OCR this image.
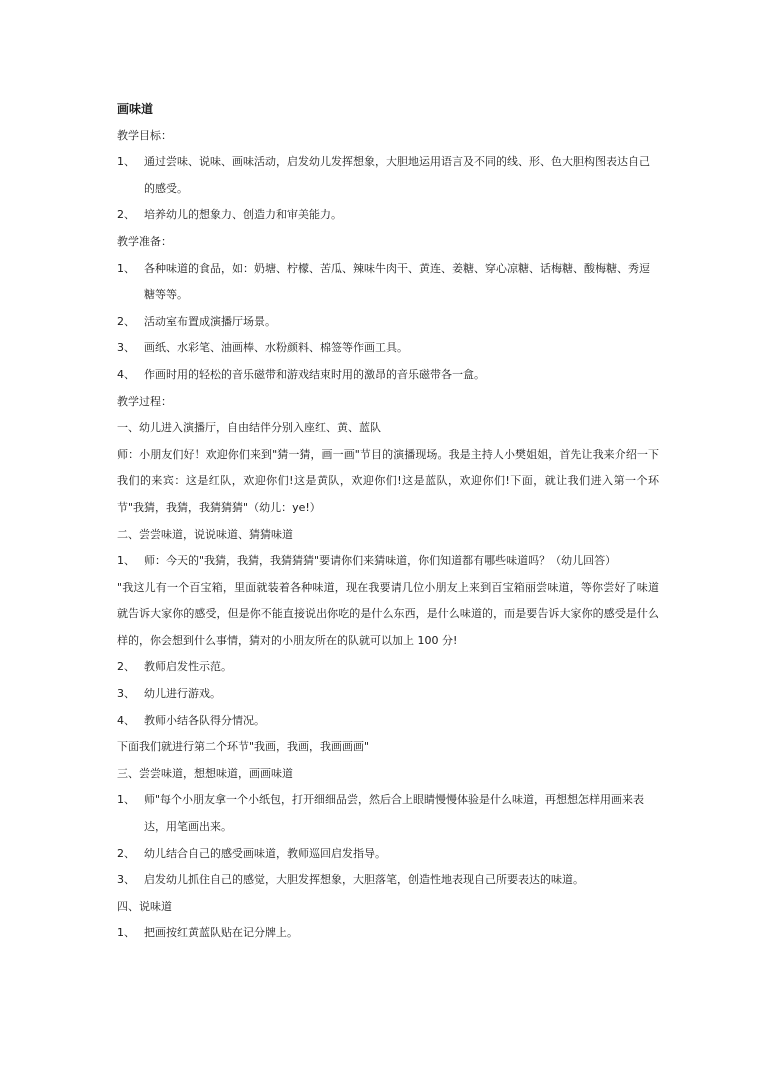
画味道

教学目标：

1、 通过尝味、说味、画味活动，启发幼儿发挥想象，大胆地运用语言及不同的线、形、色大胆构图表达自己的感受。
2、 培养幼儿的想象力、创造力和审美能力。

教学准备：

1、 各种味道的食品，如：奶塘、柠檬、苦瓜、辣味牛肉干、黄连、姜糖、穿心凉糖、话梅糖、酸梅糖、秀逗糖等等。
2、 活动室布置成演播厅场景。
3、 画纸、水彩笔、油画棒、水粉颜料、棉签等作画工具。
4、 作画时用的轻松的音乐磁带和游戏结束时用的激昂的音乐磁带各一盒。

教学过程：

一、幼儿进入演播厅，自由结伴分别入座红、黄、蓝队

师：小朋友们好！欢迎你们来到"猜一猜，画一画"节目的演播现场。我是主持人小樊姐姐，首先让我来介绍一下我们的来宾：这是红队，欢迎你们!这是黄队，欢迎你们!这是蓝队，欢迎你们!下面，就让我们进入第一个环节"我猜，我猜，我猜猜猜"（幼儿：ye!）

二、尝尝味道，说说味道、猜猜味道

1、 师：今天的"我猜，我猜，我猜猜猜"要请你们来猜味道，你们知道都有哪些味道吗？（幼儿回答）

"我这儿有一个百宝箱，里面就装着各种味道，现在我要请几位小朋友上来到百宝箱丽尝味道，等你尝好了味道就告诉大家你的感受，但是你不能直接说出你吃的是什么东西，是什么味道的，而是要告诉大家你的感受是什么样的，你会想到什么事情，猜对的小朋友所在的队就可以加上 100 分!

2、 教师启发性示范。
3、 幼儿进行游戏。
4、 教师小结各队得分情况。

下面我们就进行第二个环节"我画，我画，我画画画"

三、尝尝味道，想想味道，画画味道

1、 师"每个小朋友拿一个小纸包，打开细细品尝，然后合上眼睛慢慢体验是什么味道，再想想怎样用画来表达，用笔画出来。
2、 幼儿结合自己的感受画味道，教师巡回启发指导。
3、 启发幼儿抓住自己的感觉，大胆发挥想象，大胆落笔，创造性地表现自己所要表达的味道。

四、说味道

1、 把画按红黄蓝队贴在记分牌上。
